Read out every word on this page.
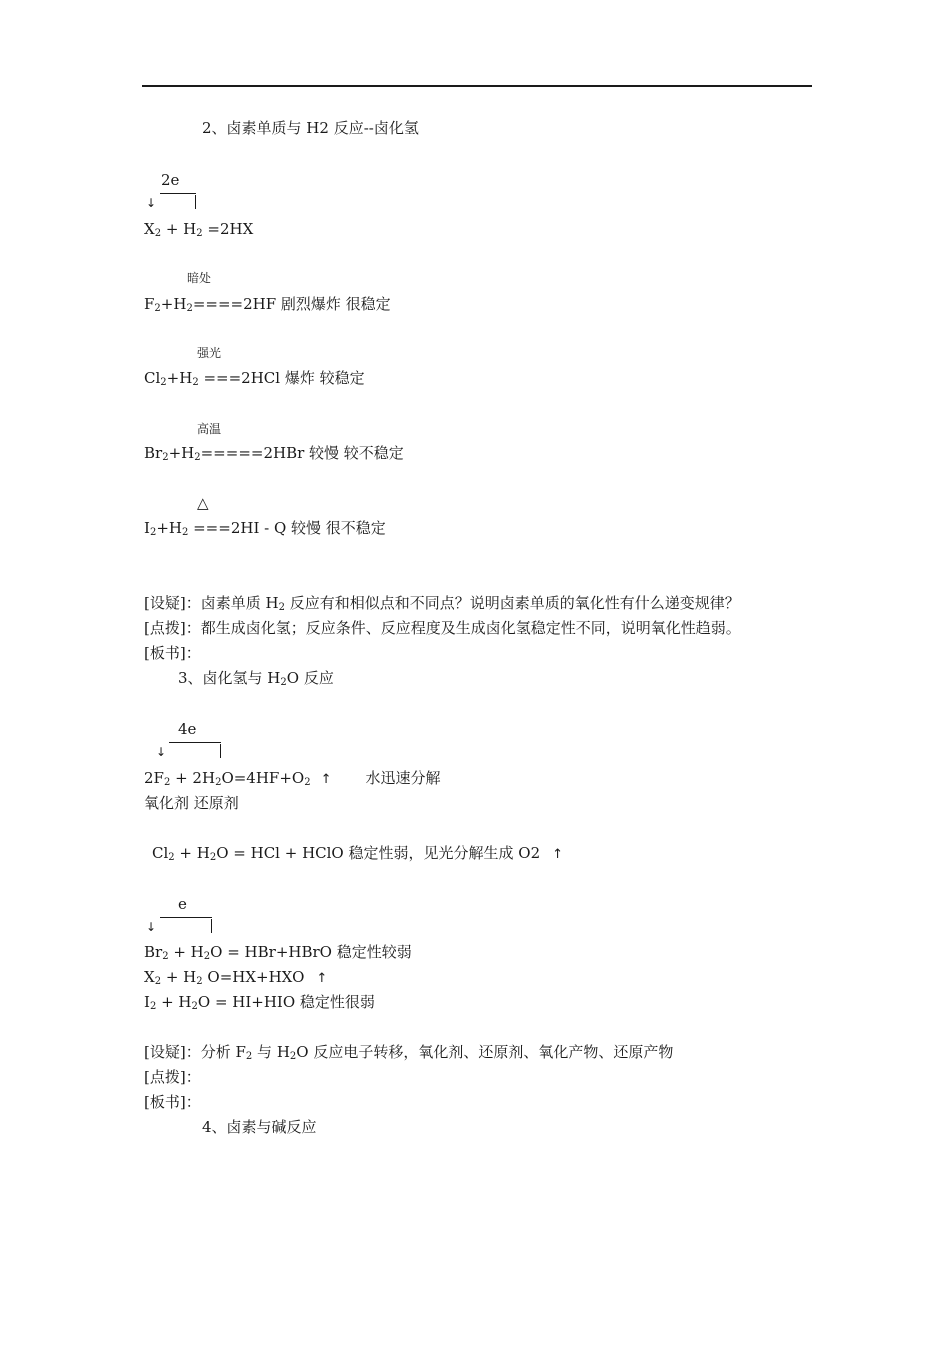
2、卤素单质与 H2 反应--卤化氢
2e
↓
$X_2 + H_2 =2HX$
暗处
$F_2+H_2====2HF$ 剧烈爆炸 很稳定
强光
$Cl_2+H_2 ===2HCl$ 爆炸 较稳定
高温
$Br_2+H_2=====2HBr$ 较慢 较不稳定
△
$I_2+H_2 ===2HI - Q$ 较慢 很不稳定
[设疑]：卤素单质 $H_2$ 反应有和相似点和不同点？说明卤素单质的氧化性有什么递变规律？
[点拨]：都生成卤化氢；反应条件、反应程度及生成卤化氢稳定性不同，说明氧化性趋弱。
[板书]：
3、卤化氢与 $H_2O$ 反应
4e
↓
$2F_2 + 2H_2O=4HF+O_2$ ↑ 水迅速分解
氧化剂 还原剂
$Cl_2 + H_2O$ = HCl + HClO 稳定性弱，见光分解生成 O2 ↑
e
↓
$Br_2 + H_2O$ = HBr+HBrO 稳定性较弱
$X_2 + H_2$ O=HX+HXO ↑
$I_2 + H_2O = HI+HIO$ 稳定性很弱
[设疑]：分析 $F_2$ 与 $H_2O$ 反应电子转移，氧化剂、还原剂、氧化产物、还原产物
[点拨]：
[板书]：
4、卤素与碱反应
